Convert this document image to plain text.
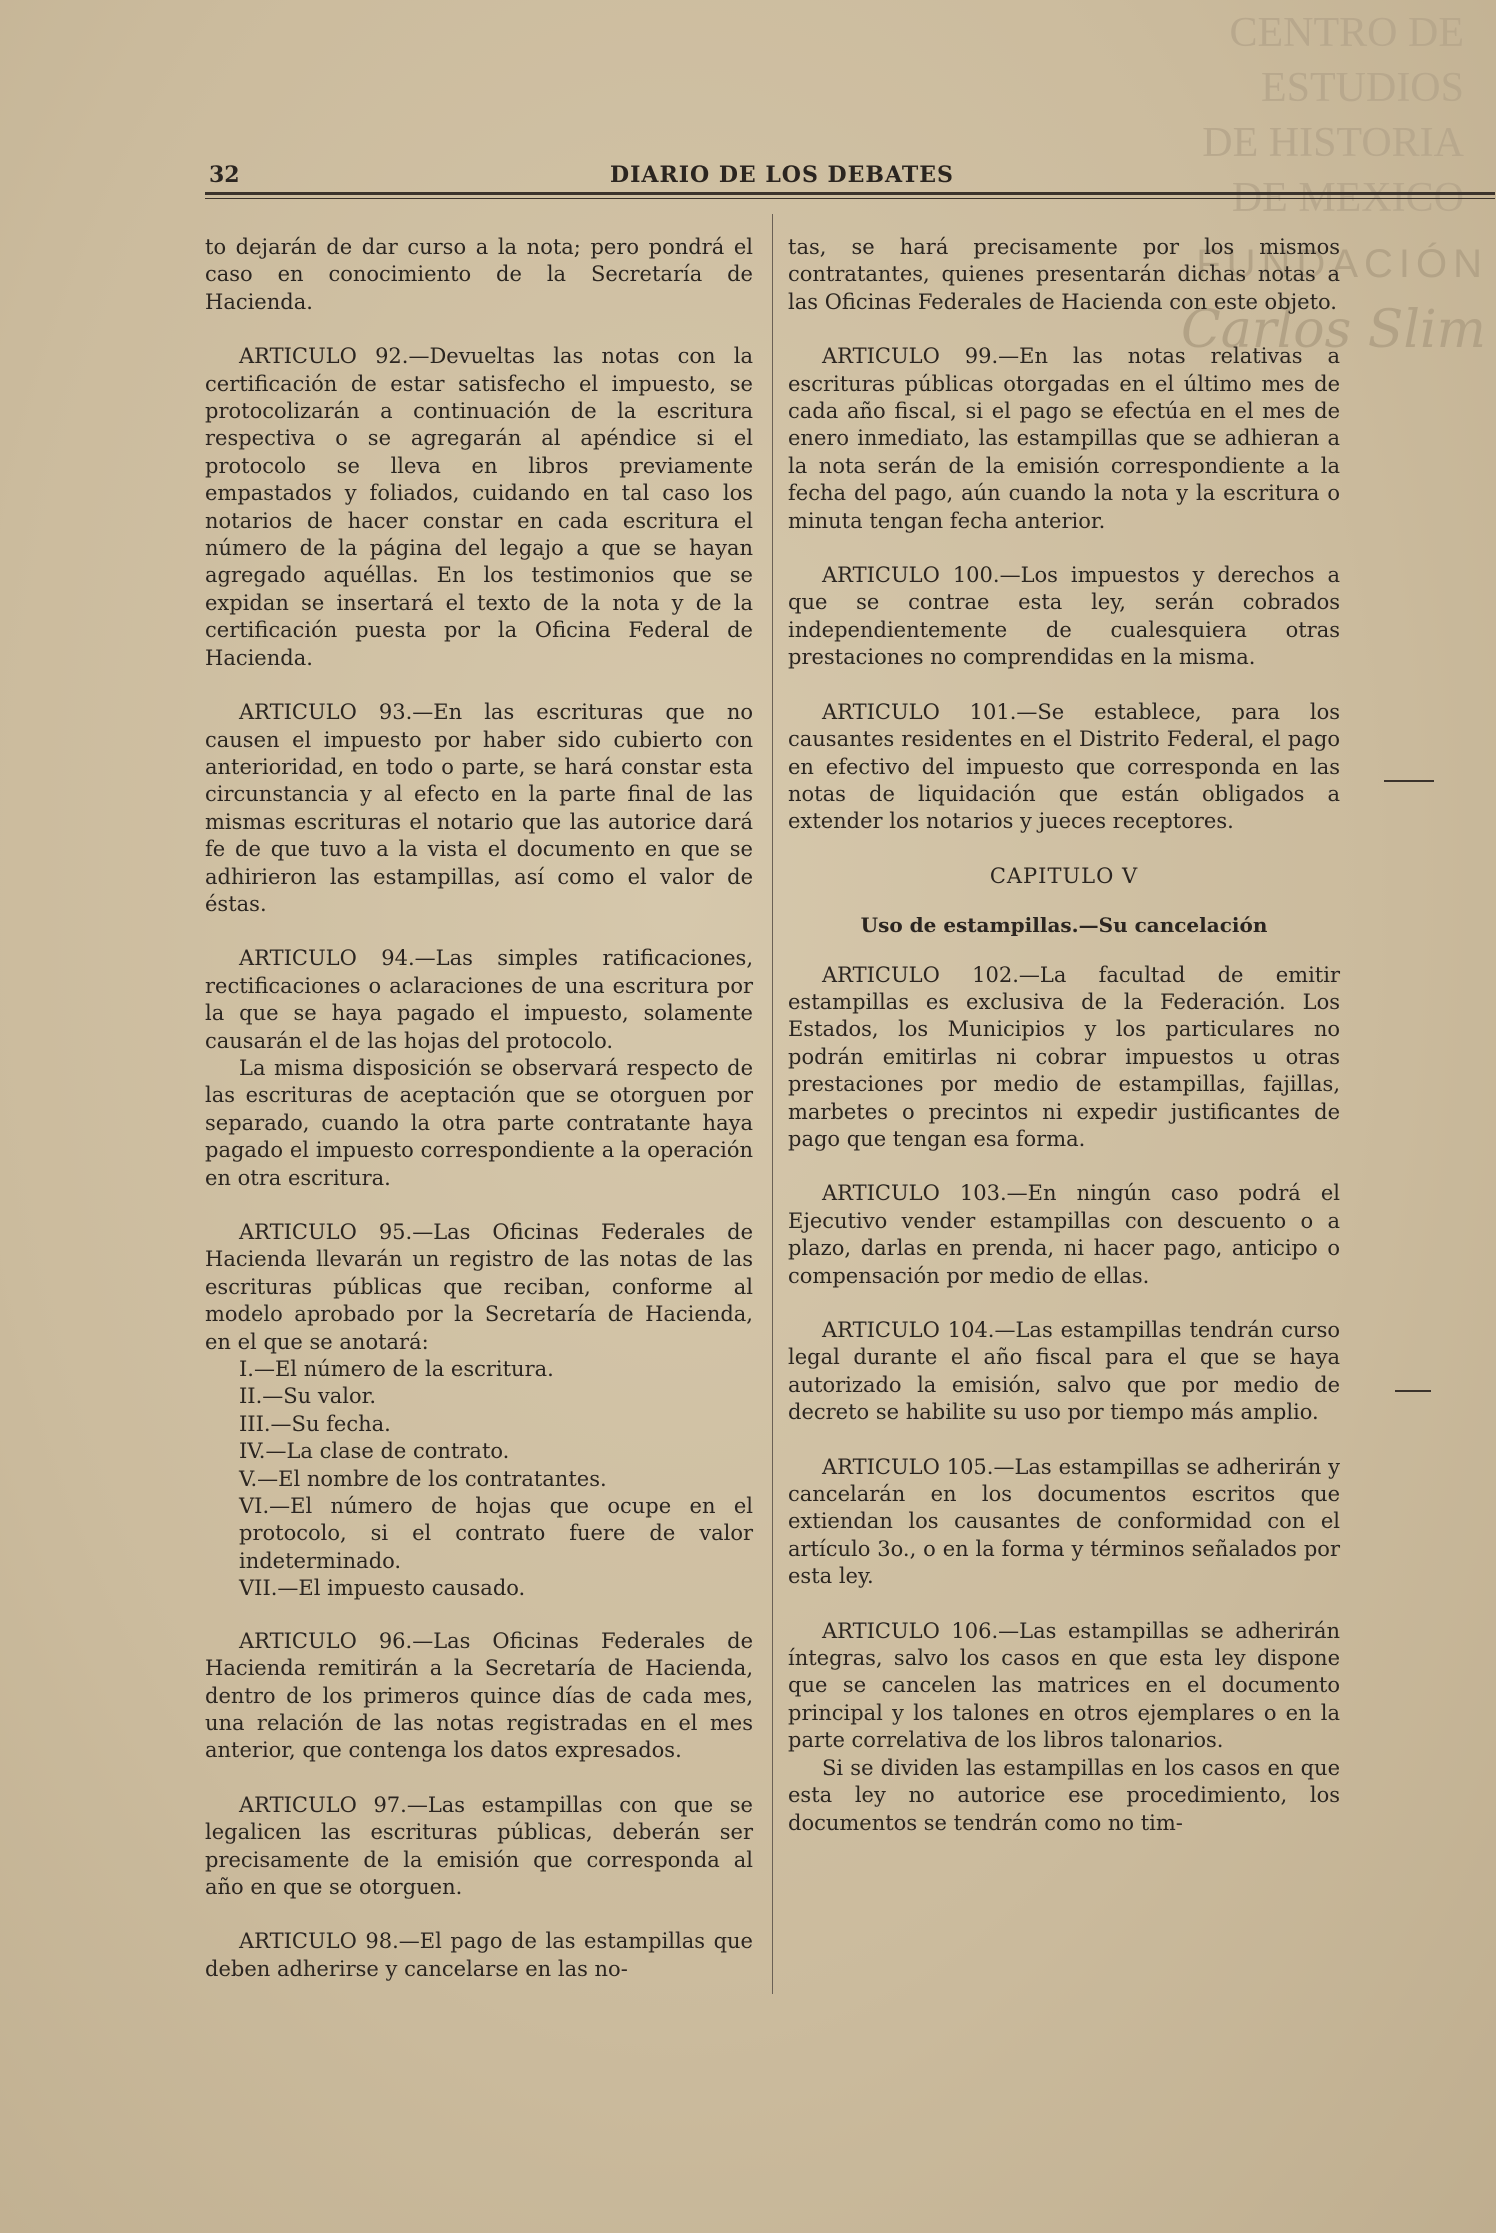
CENTRO DE
ESTUDIOS
DE HISTORIA
DE MEXICO
FUNDACIÓN
Carlos Slim
32	DIARIO DE LOS DEBATES

to dejarán de dar curso a la nota; pero pondrá el caso en conocimiento de la Secretaría de Hacienda.

ARTICULO 92.—Devueltas las notas con la certificación de estar satisfecho el impuesto, se protocolizarán a continuación de la escritura respectiva o se agregarán al apéndice si el protocolo se lleva en libros previamente empastados y foliados, cuidando en tal caso los notarios de hacer constar en cada escritura el número de la página del legajo a que se hayan agregado aquéllas. En los testimonios que se expidan se insertará el texto de la nota y de la certificación puesta por la Oficina Federal de Hacienda.

ARTICULO 93.—En las escrituras que no causen el impuesto por haber sido cubierto con anterioridad, en todo o parte, se hará constar esta circunstancia y al efecto en la parte final de las mismas escrituras el notario que las autorice dará fe de que tuvo a la vista el documento en que se adhirieron las estampillas, así como el valor de éstas.

ARTICULO 94.—Las simples ratificaciones, rectificaciones o aclaraciones de una escritura por la que se haya pagado el impuesto, solamente causarán el de las hojas del protocolo.

La misma disposición se observará respecto de las escrituras de aceptación que se otorguen por separado, cuando la otra parte contratante haya pagado el impuesto correspondiente a la operación en otra escritura.

ARTICULO 95.—Las Oficinas Federales de Hacienda llevarán un registro de las notas de las escrituras públicas que reciban, conforme al modelo aprobado por la Secretaría de Hacienda, en el que se anotará:

I.—El número de la escritura.
II.—Su valor.
III.—Su fecha.
IV.—La clase de contrato.
V.—El nombre de los contratantes.
VI.—El número de hojas que ocupe en el protocolo, si el contrato fuere de valor indeterminado.
VII.—El impuesto causado.

ARTICULO 96.—Las Oficinas Federales de Hacienda remitirán a la Secretaría de Hacienda, dentro de los primeros quince días de cada mes, una relación de las notas registradas en el mes anterior, que contenga los datos expresados.

ARTICULO 97.—Las estampillas con que se legalicen las escrituras públicas, deberán ser precisamente de la emisión que corresponda al año en que se otorguen.

ARTICULO 98.—El pago de las estampillas que deben adherirse y cancelarse en las no-

tas, se hará precisamente por los mismos contratantes, quienes presentarán dichas notas a las Oficinas Federales de Hacienda con este objeto.

ARTICULO 99.—En las notas relativas a escrituras públicas otorgadas en el último mes de cada año fiscal, si el pago se efectúa en el mes de enero inmediato, las estampillas que se adhieran a la nota serán de la emisión correspondiente a la fecha del pago, aún cuando la nota y la escritura o minuta tengan fecha anterior.

ARTICULO 100.—Los impuestos y derechos a que se contrae esta ley, serán cobrados independientemente de cualesquiera otras prestaciones no comprendidas en la misma.

ARTICULO 101.—Se establece, para los causantes residentes en el Distrito Federal, el pago en efectivo del impuesto que corresponda en las notas de liquidación que están obligados a extender los notarios y jueces receptores.

CAPITULO V
Uso de estampillas.—Su cancelación

ARTICULO 102.—La facultad de emitir estampillas es exclusiva de la Federación. Los Estados, los Municipios y los particulares no podrán emitirlas ni cobrar impuestos u otras prestaciones por medio de estampillas, fajillas, marbetes o precintos ni expedir justificantes de pago que tengan esa forma.

ARTICULO 103.—En ningún caso podrá el Ejecutivo vender estampillas con descuento o a plazo, darlas en prenda, ni hacer pago, anticipo o compensación por medio de ellas.

ARTICULO 104.—Las estampillas tendrán curso legal durante el año fiscal para el que se haya autorizado la emisión, salvo que por medio de decreto se habilite su uso por tiempo más amplio.

ARTICULO 105.—Las estampillas se adherirán y cancelarán en los documentos escritos que extiendan los causantes de conformidad con el artículo 3o., o en la forma y términos señalados por esta ley.

ARTICULO 106.—Las estampillas se adherirán íntegras, salvo los casos en que esta ley dispone que se cancelen las matrices en el documento principal y los talones en otros ejemplares o en la parte correlativa de los libros talonarios.

Si se dividen las estampillas en los casos en que esta ley no autorice ese procedimiento, los documentos se tendrán como no tim-
